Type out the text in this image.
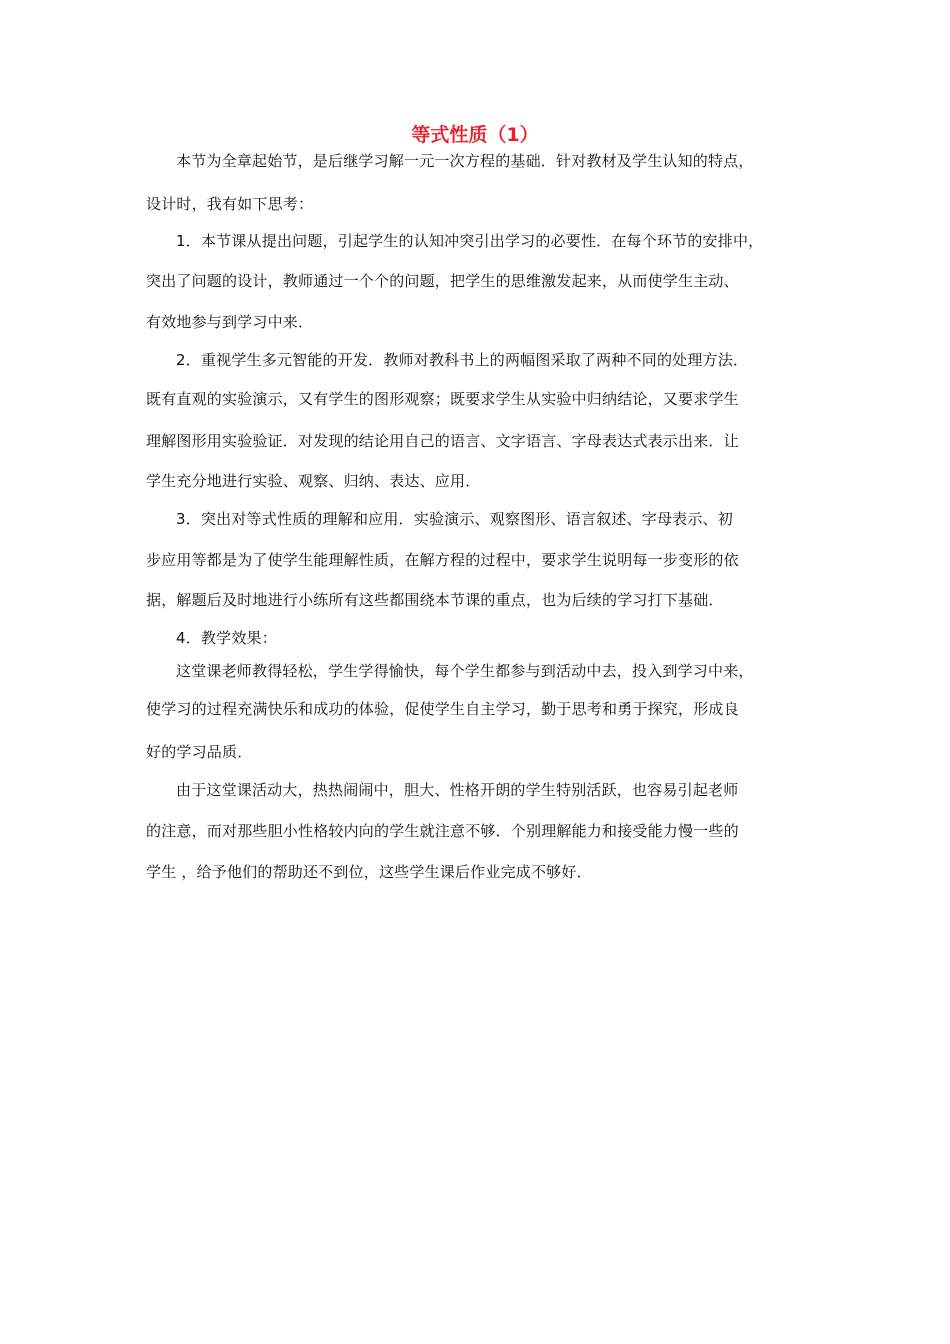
等式性质（1）
本节为全章起始节，是后继学习解一元一次方程的基础．针对教材及学生认知的特点，
设计时，我有如下思考：
1．本节课从提出问题，引起学生的认知冲突引出学习的必要性．在每个环节的安排中，
突出了问题的设计，教师通过一个个的问题，把学生的思维激发起来，从而使学生主动、
有效地参与到学习中来．
2．重视学生多元智能的开发．教师对教科书上的两幅图采取了两种不同的处理方法．
既有直观的实验演示，又有学生的图形观察；既要求学生从实验中归纳结论，又要求学生
理解图形用实验验证．对发现的结论用自己的语言、文字语言、字母表达式表示出来．让
学生充分地进行实验、观察、归纳、表达、应用．
3．突出对等式性质的理解和应用．实验演示、观察图形、语言叙述、字母表示、初
步应用等都是为了使学生能理解性质，在解方程的过程中，要求学生说明每一步变形的依
据，解题后及时地进行小练所有这些都围绕本节课的重点，也为后续的学习打下基础．
4．教学效果：
这堂课老师教得轻松，学生学得愉快，每个学生都参与到活动中去，投入到学习中来，
使学习的过程充满快乐和成功的体验，促使学生自主学习，勤于思考和勇于探究，形成良
好的学习品质．
由于这堂课活动大，热热闹闹中，胆大、性格开朗的学生特别活跃，也容易引起老师
的注意，而对那些胆小性格较内向的学生就注意不够．个别理解能力和接受能力慢一些的
学生 ，给予他们的帮助还不到位，这些学生课后作业完成不够好．
